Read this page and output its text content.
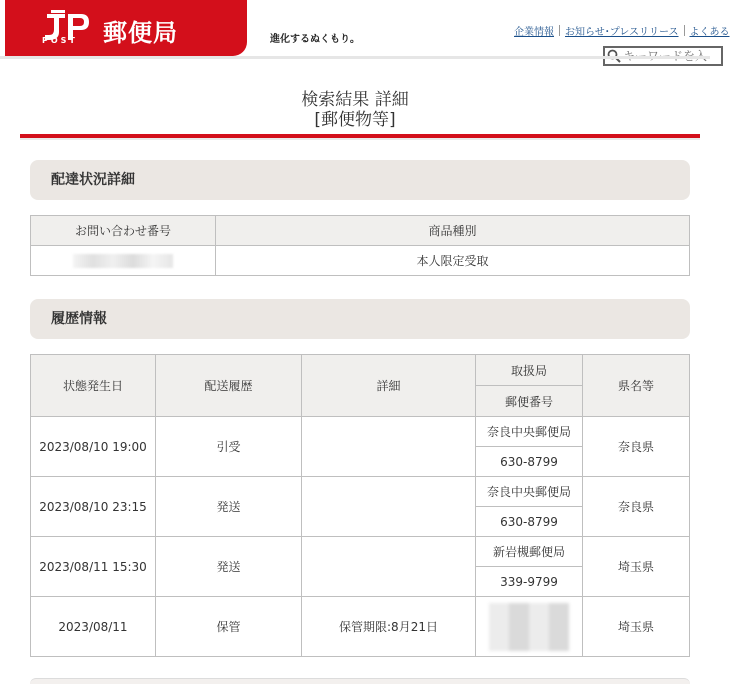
POST 郵便局	進化するぬくもり。
企業情報 お知らせ･プレスリリース よくある
キーワードを入
検索結果 詳細
[郵便物等]
配達状況詳細
お問い合わせ番号	商品種別
	本人限定受取
履歴情報
状態発生日	配送履歴	詳細	取扱局	県名等
			郵便番号	
2023/08/10 19:00	引受		奈良中央郵便局	奈良県
			630-8799	
2023/08/10 23:15	発送		奈良中央郵便局	奈良県
			630-8799	
2023/08/11 15:30	発送		新岩槻郵便局	埼玉県
			339-9799	
2023/08/11	保管	保管期限:8月21日		埼玉県
